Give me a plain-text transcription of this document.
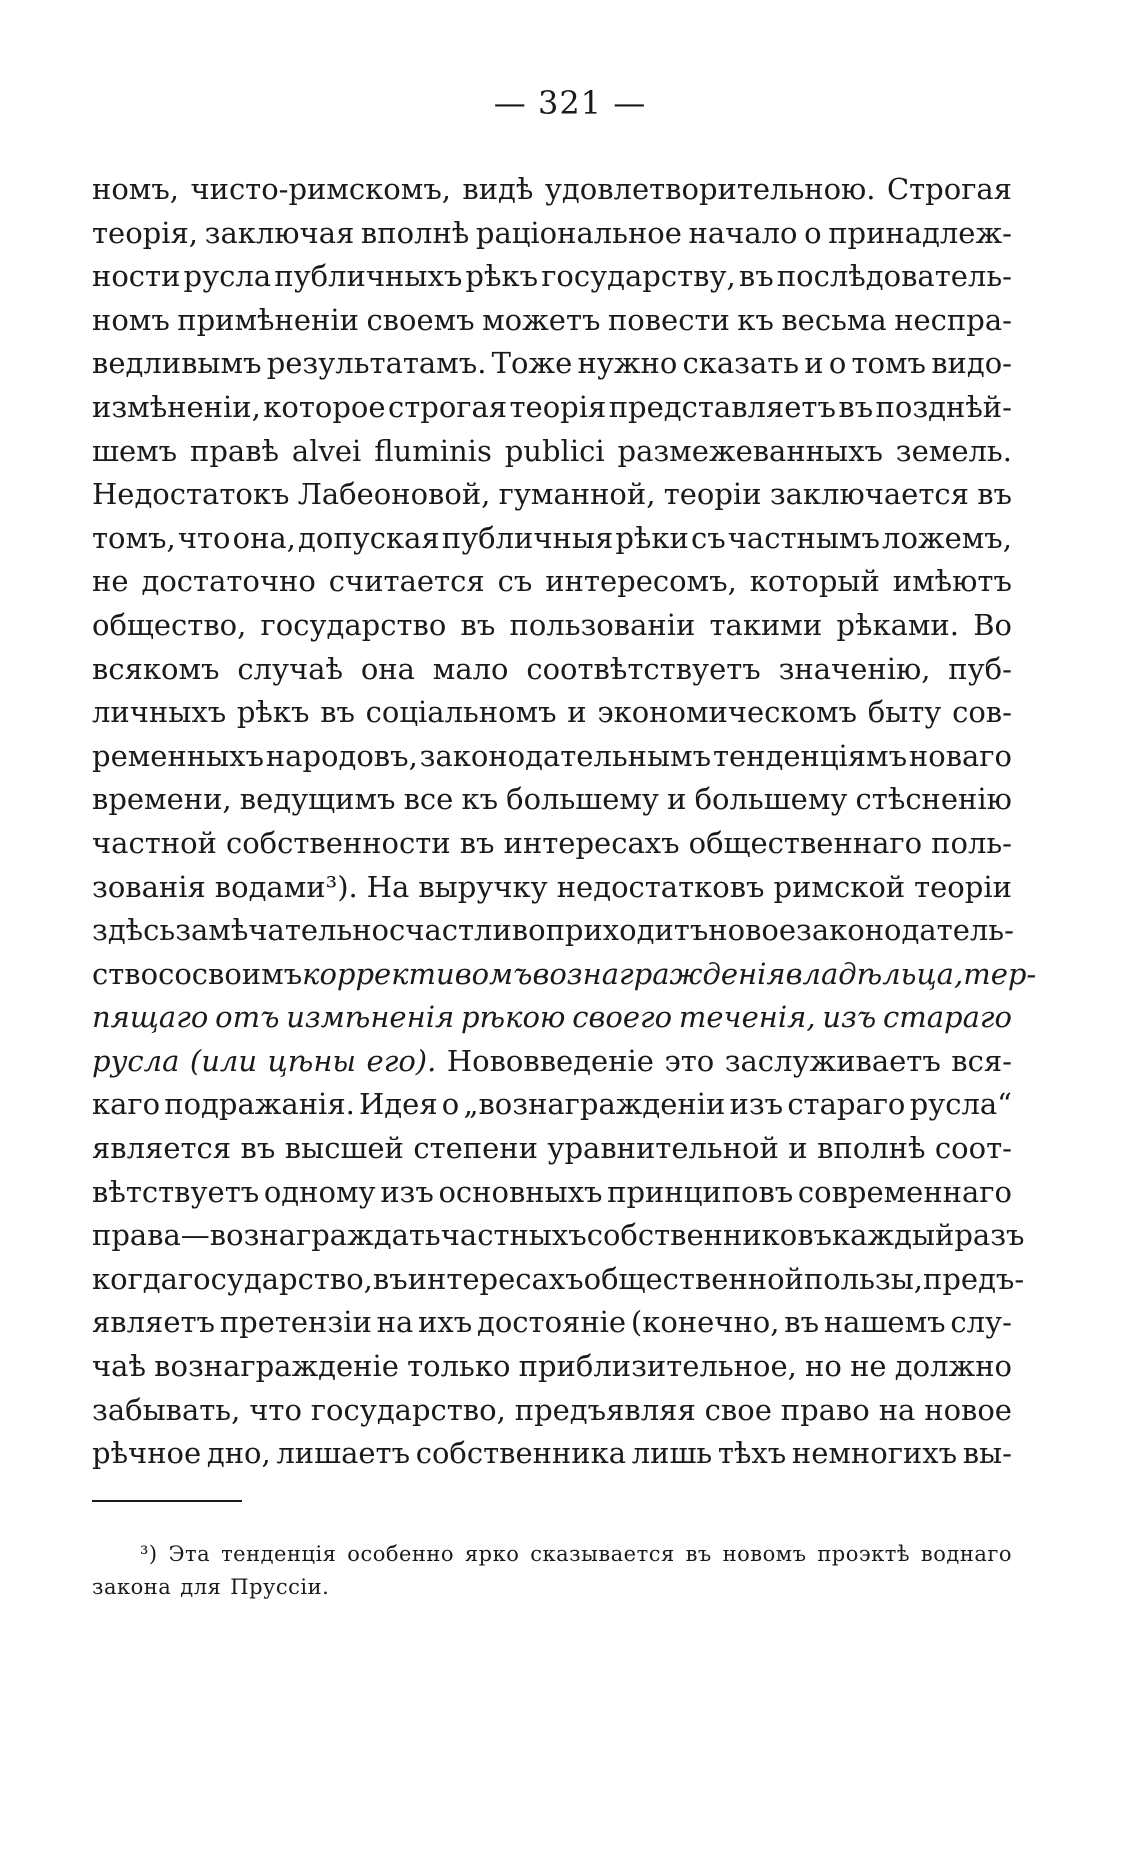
— 321 —
номъ, чисто-римскомъ, видѣ удовлетворительною. Строгая
теорія, заключая вполнѣ раціональное начало о принадлеж-
ности русла публичныхъ рѣкъ государству, въ послѣдователь-
номъ примѣненіи своемъ можетъ повести къ весьма неспра-
ведливымъ результатамъ. Тоже нужно сказать и о томъ видо-
измѣненіи, которое строгая теорія представляетъ въ позднѣй-
шемъ правѣ alvei fluminis publici размежеванныхъ земель.
Недостатокъ Лабеоновой, гуманной, теоріи заключается въ
томъ, что она, допуская публичныя рѣки съ частнымъ ложемъ,
не достаточно считается съ интересомъ, который имѣютъ
общество, государство въ пользованіи такими рѣками. Во
всякомъ случаѣ она мало соотвѣтствуетъ значенію, пуб-
личныхъ рѣкъ въ соціальномъ и экономическомъ быту сов-
ременныхъ народовъ, законодательнымъ тенденціямъ новаго
времени, ведущимъ все къ большему и большему стѣсненію
частной собственности въ интересахъ общественнаго поль-
зованія водами³). На выручку недостатковъ римской теоріи
здѣсь замѣчательно счастливо приходитъ новое законодатель-
ство со своимъ коррективомъ вознагражденія владѣльца, тер-
пящаго отъ измѣненія рѣкою своего теченія, изъ стараго
русла (или цѣны его). Нововведеніе это заслуживаетъ вся-
каго подражанія. Идея о „вознагражденіи изъ стараго русла“
является въ высшей степени уравнительной и вполнѣ соот-
вѣтствуетъ одному изъ основныхъ принциповъ современнаго
права—вознаграждать частныхъ собственниковъ каждый разъ
когда государство, въ интересахъ общественной пользы, предъ-
являетъ претензіи на ихъ достояніе (конечно, въ нашемъ слу-
чаѣ вознагражденіе только приблизительное, но не должно
забывать, что государство, предъявляя свое право на новое
рѣчное дно, лишаетъ собственника лишь тѣхъ немногихъ вы-
³) Эта тенденція особенно ярко сказывается въ новомъ проэктѣ воднаго
закона для Пруссіи.
